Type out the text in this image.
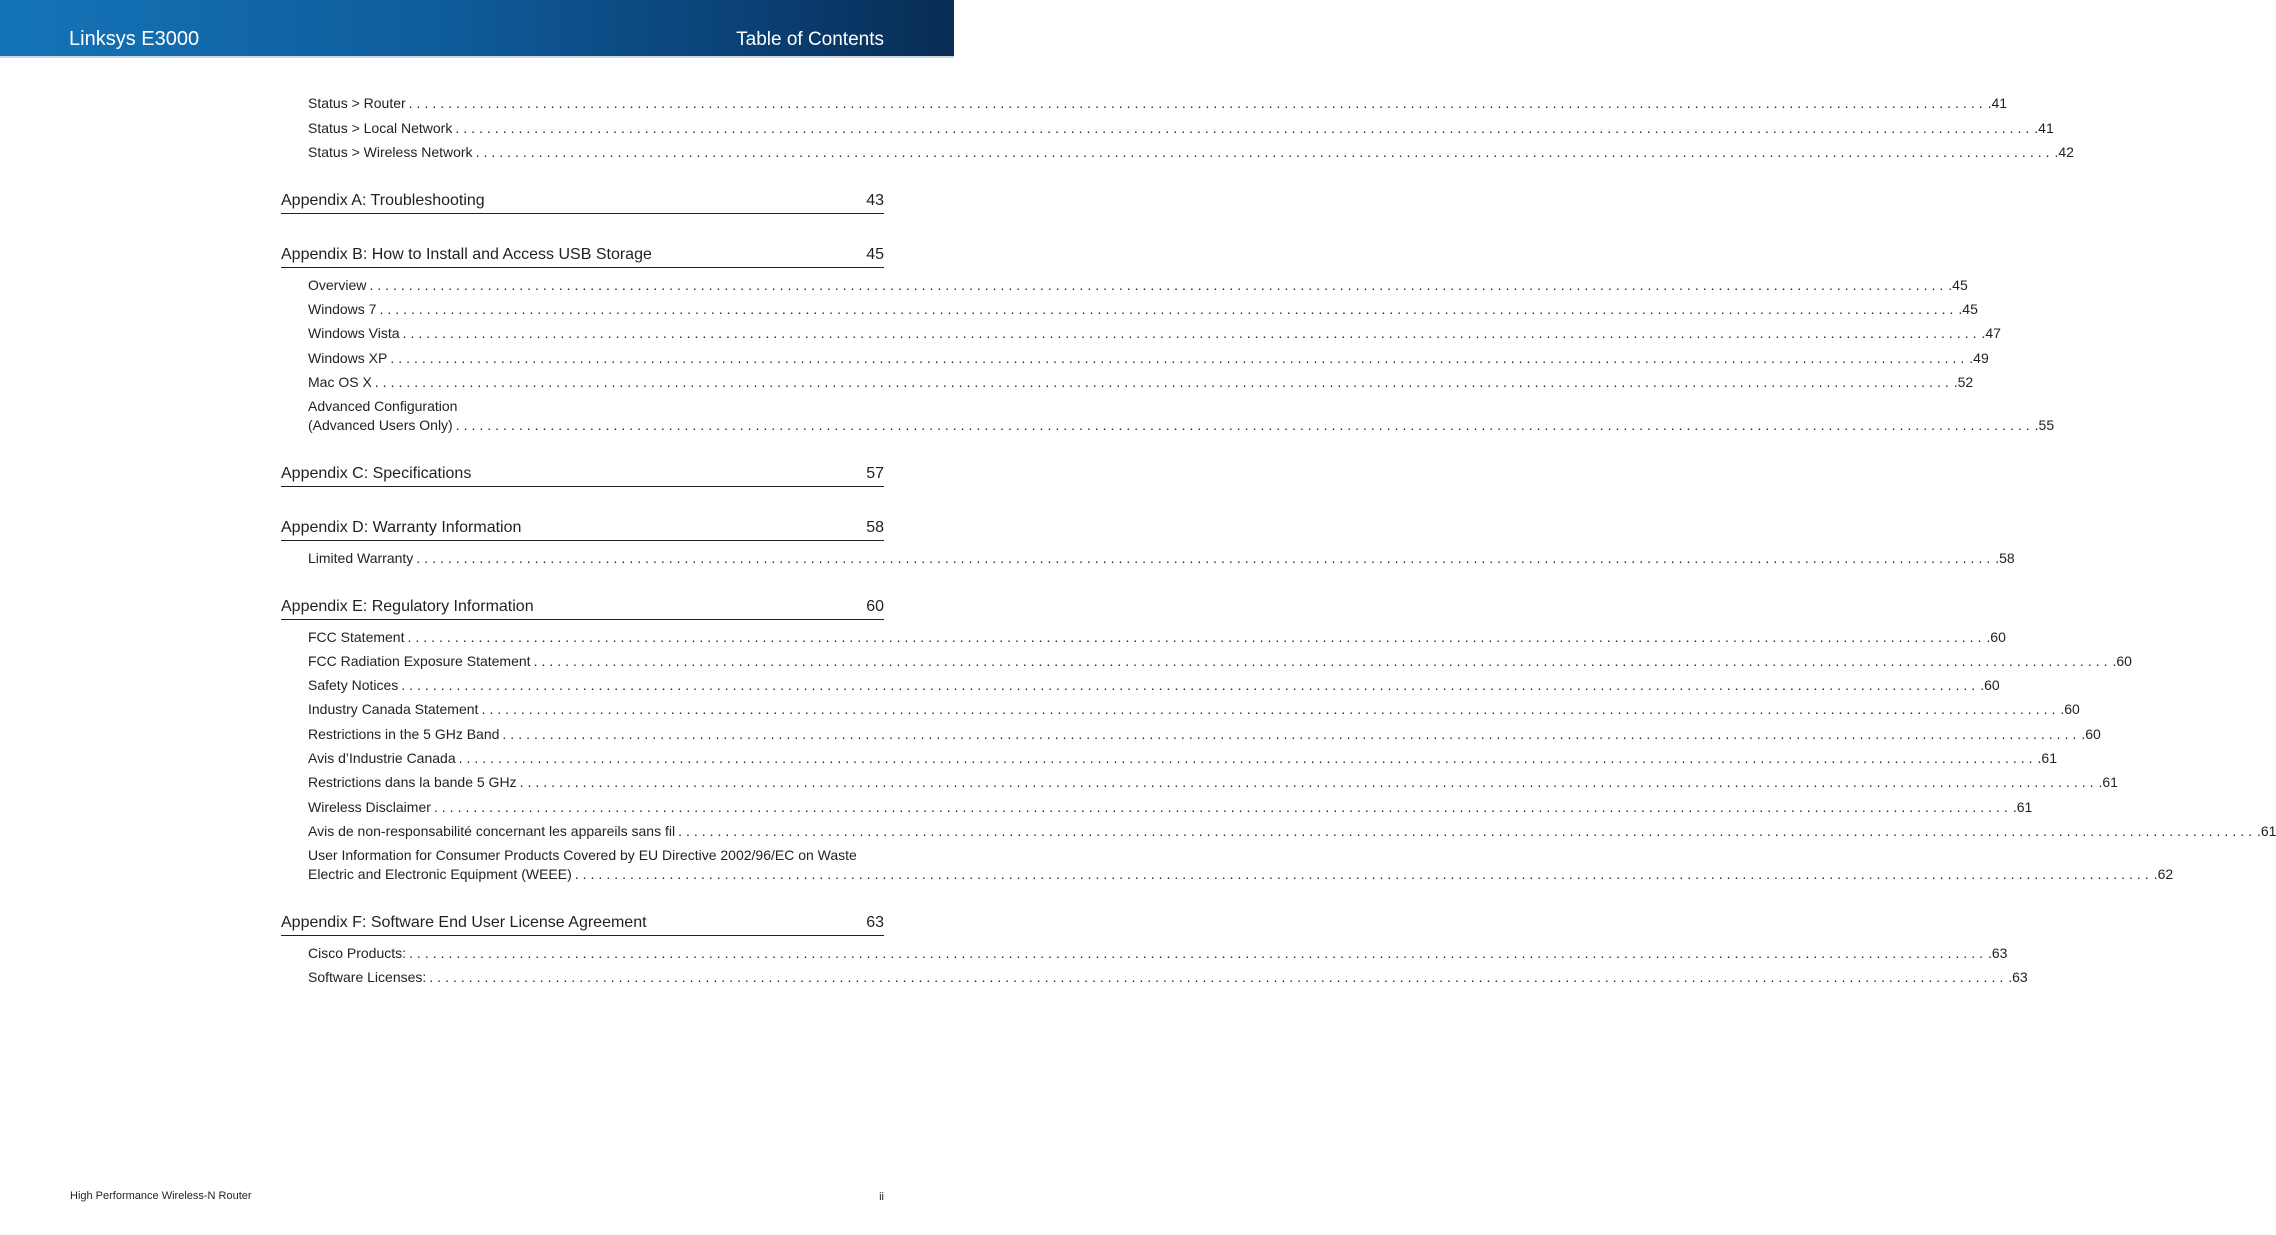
Linksys E3000	Table of Contents
Status > Router ........................................................................................................................................................................................................ .41
Status > Local Network ........................................................................................................................................................................................................ .41
Status > Wireless Network ........................................................................................................................................................................................................ .42
Appendix A: Troubleshooting	43
Appendix B: How to Install and Access USB Storage	45
Overview ........................................................................................................................................................................................................ .45
Windows 7 ........................................................................................................................................................................................................ .45
Windows Vista ........................................................................................................................................................................................................ .47
Windows XP ........................................................................................................................................................................................................ .49
Mac OS X ........................................................................................................................................................................................................ .52
Advanced Configuration
(Advanced Users Only) ........................................................................................................................................................................................................ .55
Appendix C: Specifications	57
Appendix D: Warranty Information	58
Limited Warranty ........................................................................................................................................................................................................ .58
Appendix E: Regulatory Information	60
FCC Statement ........................................................................................................................................................................................................ .60
FCC Radiation Exposure Statement ........................................................................................................................................................................................................ .60
Safety Notices ........................................................................................................................................................................................................ .60
Industry Canada Statement ........................................................................................................................................................................................................ .60
Restrictions in the 5 GHz Band ........................................................................................................................................................................................................ .60
Avis d’Industrie Canada ........................................................................................................................................................................................................ .61
Restrictions dans la bande 5 GHz ........................................................................................................................................................................................................ .61
Wireless Disclaimer ........................................................................................................................................................................................................ .61
Avis de non-responsabilité concernant les appareils sans fil ........................................................................................................................................................................................................ .61
User Information for Consumer Products Covered by EU Directive 2002/96/EC on Waste
Electric and Electronic Equipment (WEEE) ........................................................................................................................................................................................................ .62
Appendix F: Software End User License Agreement	63
Cisco Products: ........................................................................................................................................................................................................ .63
Software Licenses: ........................................................................................................................................................................................................ .63
High Performance Wireless-N Router	ii
